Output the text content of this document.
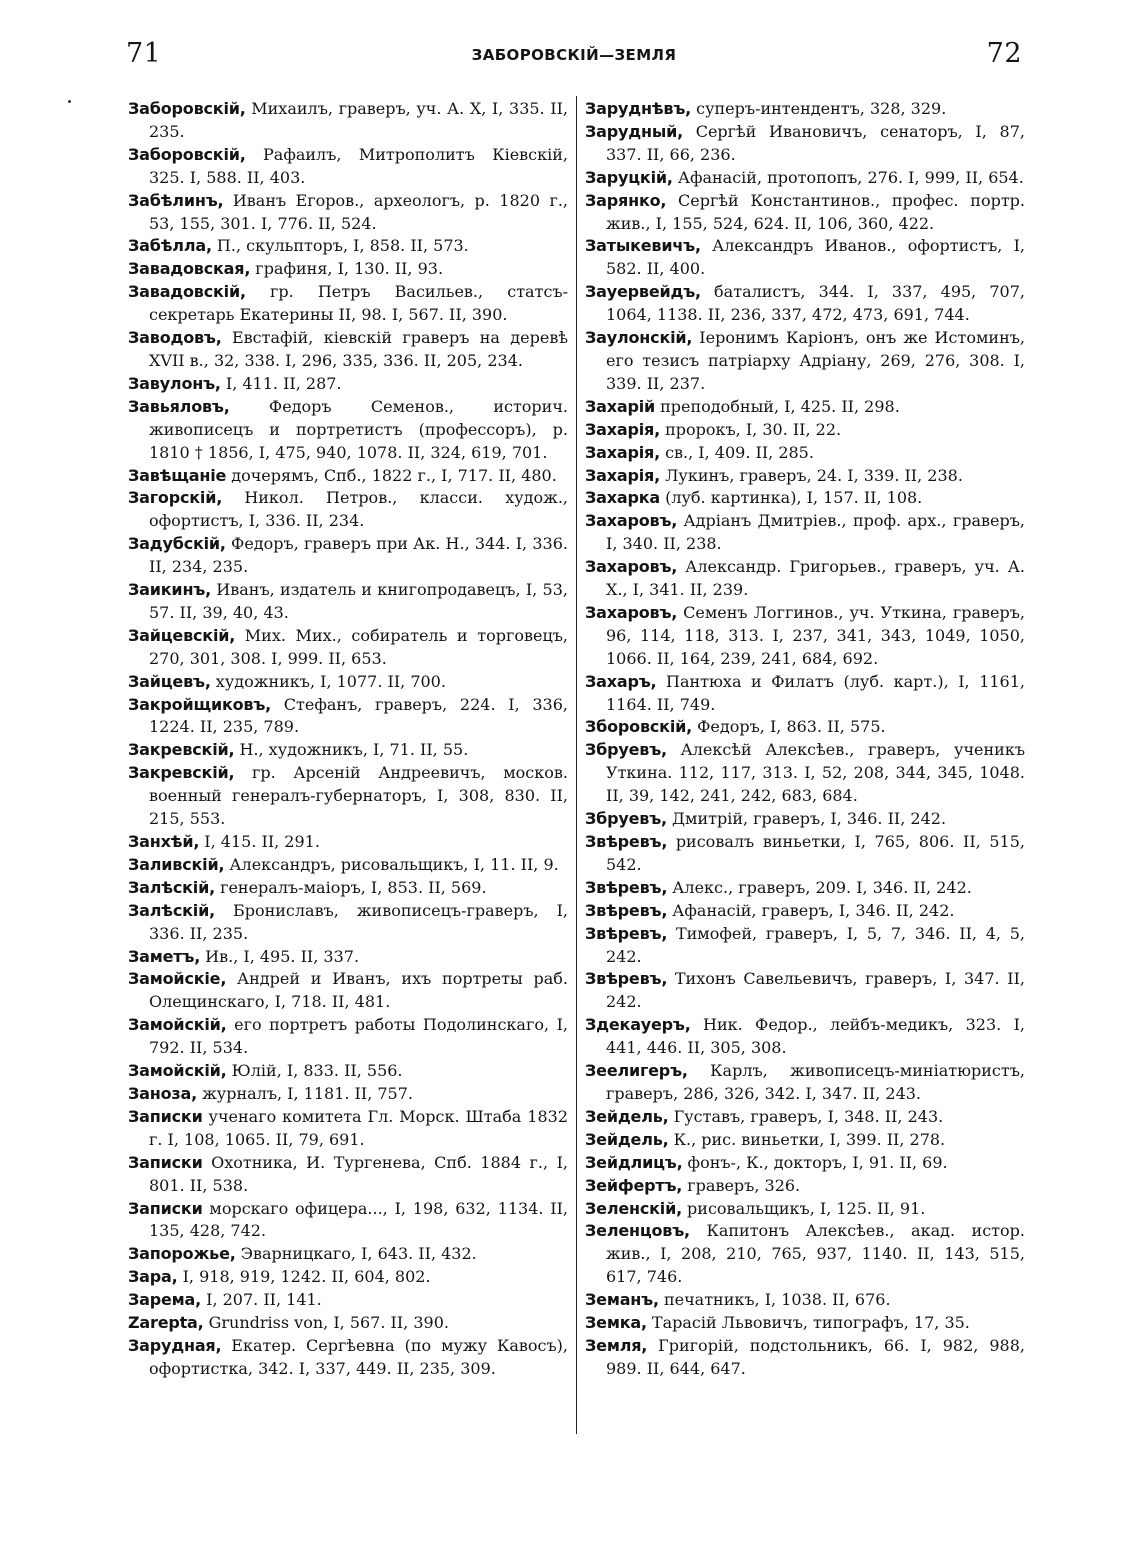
71	ЗАБОРОВСКIЙ—ЗЕМЛЯ	72

Заборовскiй, Михаилъ, граверъ, уч. А. X, I, 335. II, 235.

Заборовскiй, Рафаилъ, Митрополитъ Кiевскiй, 325. I, 588. II, 403.

Забѣлинъ, Иванъ Егоров., археологъ, р. 1820 г., 53, 155, 301. I, 776. II, 524.

Забѣлла, П., скульпторъ, I, 858. II, 573.

Завадовская, графиня, I, 130. II, 93.

Завадовскiй, гр. Петръ Васильев., статсъ-секретарь Екатерины II, 98. I, 567. II, 390.

Заводовъ, Евстафiй, кiевскiй граверъ на деревѣ XVII в., 32, 338. I, 296, 335, 336. II, 205, 234.

Завулонъ, I, 411. II, 287.

Завьяловъ, Федоръ Семенов., историч. живописецъ и портретистъ (профессоръ), р. 1810 † 1856, I, 475, 940, 1078. II, 324, 619, 701.

Завѣщанiе дочерямъ, Спб., 1822 г., I, 717. II, 480.

Загорскiй, Никол. Петров., класси. худож., офортистъ, I, 336. II, 234.

Задубскiй, Федоръ, граверъ при Ак. Н., 344. I, 336. II, 234, 235.

Заикинъ, Иванъ, издатель и книгопродавецъ, I, 53, 57. II, 39, 40, 43.

Зайцевскiй, Мих. Мих., собиратель и торговецъ, 270, 301, 308. I, 999. II, 653.

Зайцевъ, художникъ, I, 1077. II, 700.

Закройщиковъ, Стефанъ, граверъ, 224. I, 336, 1224. II, 235, 789.

Закревскiй, Н., художникъ, I, 71. II, 55.

Закревскiй, гр. Арсенiй Андреевичъ, москов. военный генералъ-губернаторъ, I, 308, 830. II, 215, 553.

Занхѣй, I, 415. II, 291.

Заливскiй, Александръ, рисовальщикъ, I, 11. II, 9.

Залѣскiй, генералъ-маiоръ, I, 853. II, 569.

Залѣскiй, Брониславъ, живописецъ-граверъ, I, 336. II, 235.

Заметъ, Ив., I, 495. II, 337.

Замойскiе, Андрей и Иванъ, ихъ портреты раб. Олещинскаго, I, 718. II, 481.

Замойскiй, его портретъ работы Подолинскаго, I, 792. II, 534.

Замойскiй, Юлiй, I, 833. II, 556.

Заноза, журналъ, I, 1181. II, 757.

Записки ученаго комитета Гл. Морск. Штаба 1832 г. I, 108, 1065. II, 79, 691.

Записки Охотника, И. Тургенева, Спб. 1884 г., I, 801. II, 538.

Записки морскаго офицера..., I, 198, 632, 1134. II, 135, 428, 742.

Запорожье, Эварницкаго, I, 643. II, 432.

Зара, I, 918, 919, 1242. II, 604, 802.

Зарема, I, 207. II, 141.

Zarepta, Grundriss von, I, 567. II, 390.

Зарудная, Екатер. Сергѣевна (по мужу Кавосъ), офортистка, 342. I, 337, 449. II, 235, 309.

Заруднѣвъ, суперъ-интендентъ, 328, 329.

Зарудный, Сергѣй Ивановичъ, сенаторъ, I, 87, 337. II, 66, 236.

Заруцкiй, Афанасiй, протопопъ, 276. I, 999, II, 654.

Зарянко, Сергѣй Константинов., профес. портр. жив., I, 155, 524, 624. II, 106, 360, 422.

Затыкевичъ, Александръ Иванов., офортистъ, I, 582. II, 400.

Зауервейдъ, баталистъ, 344. I, 337, 495, 707, 1064, 1138. II, 236, 337, 472, 473, 691, 744.

Заулонскiй, Iеронимъ Карiонъ, онъ же Истоминъ, его тезисъ патрiарху Адрiану, 269, 276, 308. I, 339. II, 237.

Захарiй преподобный, I, 425. II, 298.

Захарiя, пророкъ, I, 30. II, 22.

Захарiя, св., I, 409. II, 285.

Захарiя, Лукинъ, граверъ, 24. I, 339. II, 238.

Захарка (луб. картинка), I, 157. II, 108.

Захаровъ, Адрiанъ Дмитрiев., проф. арх., граверъ, I, 340. II, 238.

Захаровъ, Александр. Григорьев., граверъ, уч. А. X., I, 341. II, 239.

Захаровъ, Семенъ Логгинов., уч. Уткина, граверъ, 96, 114, 118, 313. I, 237, 341, 343, 1049, 1050, 1066. II, 164, 239, 241, 684, 692.

Захаръ, Пантюха и Филатъ (луб. карт.), I, 1161, 1164. II, 749.

Зборовскiй, Федоръ, I, 863. II, 575.

Збруевъ, Алексѣй Алексѣев., граверъ, ученикъ Уткина. 112, 117, 313. I, 52, 208, 344, 345, 1048. II, 39, 142, 241, 242, 683, 684.

Збруевъ, Дмитрiй, граверъ, I, 346. II, 242.

Звѣревъ, рисовалъ виньетки, I, 765, 806. II, 515, 542.

Звѣревъ, Алекс., граверъ, 209. I, 346. II, 242.

Звѣревъ, Афанасiй, граверъ, I, 346. II, 242.

Звѣревъ, Тимофей, граверъ, I, 5, 7, 346. II, 4, 5, 242.

Звѣревъ, Тихонъ Савельевичъ, граверъ, I, 347. II, 242.

Здекауеръ, Ник. Федор., лейбъ-медикъ, 323. I, 441, 446. II, 305, 308.

Зеелигеръ, Карлъ, живописецъ-миніатюристъ, граверъ, 286, 326, 342. I, 347. II, 243.

Зейдель, Густавъ, граверъ, I, 348. II, 243.

Зейдель, К., рис. виньетки, I, 399. II, 278.

Зейдлицъ, фонъ-, К., докторъ, I, 91. II, 69.

Зейфертъ, граверъ, 326.

Зеленскiй, рисовальщикъ, I, 125. II, 91.

Зеленцовъ, Капитонъ Алексѣев., акад. истор. жив., I, 208, 210, 765, 937, 1140. II, 143, 515, 617, 746.

Земанъ, печатникъ, I, 1038. II, 676.

Земка, Тарасiй Львовичъ, типографъ, 17, 35.

Земля, Григорiй, подстольникъ, 66. I, 982, 988, 989. II, 644, 647.
